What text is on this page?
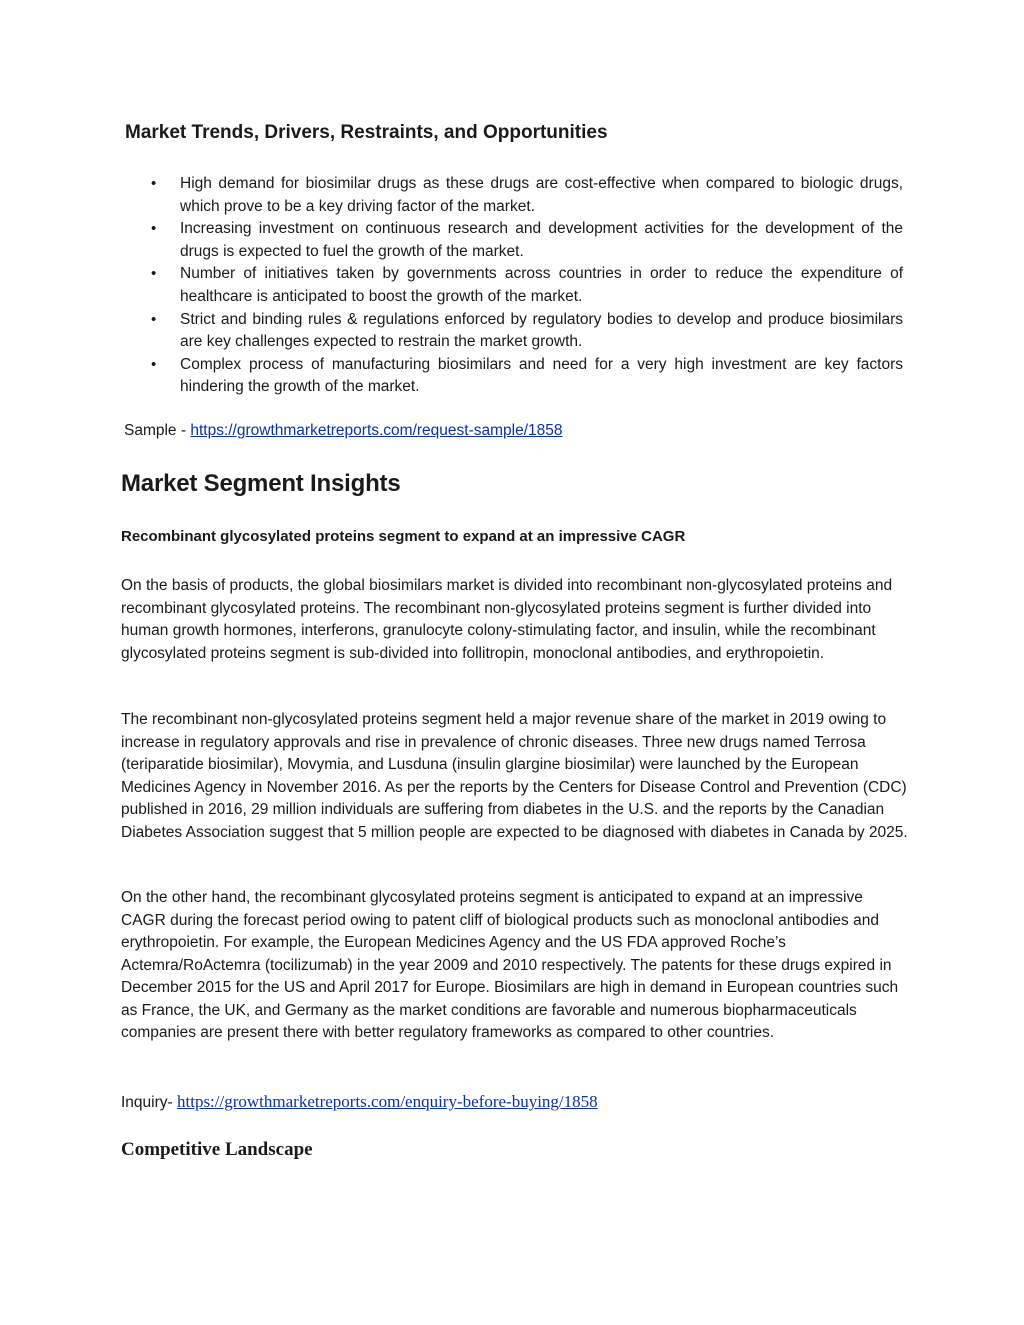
Market Trends, Drivers, Restraints, and Opportunities
• High demand for biosimilar drugs as these drugs are cost-effective when compared to biologic drugs, which prove to be a key driving factor of the market.
• Increasing investment on continuous research and development activities for the development of the drugs is expected to fuel the growth of the market.
• Number of initiatives taken by governments across countries in order to reduce the expenditure of healthcare is anticipated to boost the growth of the market.
• Strict and binding rules & regulations enforced by regulatory bodies to develop and produce biosimilars are key challenges expected to restrain the market growth.
• Complex process of manufacturing biosimilars and need for a very high investment are key factors hindering the growth of the market.

Sample - https://growthmarketreports.com/request-sample/1858

Market Segment Insights
Recombinant glycosylated proteins segment to expand at an impressive CAGR

On the basis of products, the global biosimilars market is divided into recombinant non-glycosylated proteins and recombinant glycosylated proteins. The recombinant non-glycosylated proteins segment is further divided into human growth hormones, interferons, granulocyte colony-stimulating factor, and insulin, while the recombinant glycosylated proteins segment is sub-divided into follitropin, monoclonal antibodies, and erythropoietin.

The recombinant non-glycosylated proteins segment held a major revenue share of the market in 2019 owing to increase in regulatory approvals and rise in prevalence of chronic diseases. Three new drugs named Terrosa (teriparatide biosimilar), Movymia, and Lusduna (insulin glargine biosimilar) were launched by the European Medicines Agency in November 2016. As per the reports by the Centers for Disease Control and Prevention (CDC) published in 2016, 29 million individuals are suffering from diabetes in the U.S. and the reports by the Canadian Diabetes Association suggest that 5 million people are expected to be diagnosed with diabetes in Canada by 2025.

On the other hand, the recombinant glycosylated proteins segment is anticipated to expand at an impressive CAGR during the forecast period owing to patent cliff of biological products such as monoclonal antibodies and erythropoietin. For example, the European Medicines Agency and the US FDA approved Roche’s Actemra/RoActemra (tocilizumab) in the year 2009 and 2010 respectively. The patents for these drugs expired in December 2015 for the US and April 2017 for Europe. Biosimilars are high in demand in European countries such as France, the UK, and Germany as the market conditions are favorable and numerous biopharmaceuticals companies are present there with better regulatory frameworks as compared to other countries.

Inquiry- https://growthmarketreports.com/enquiry-before-buying/1858

Competitive Landscape
